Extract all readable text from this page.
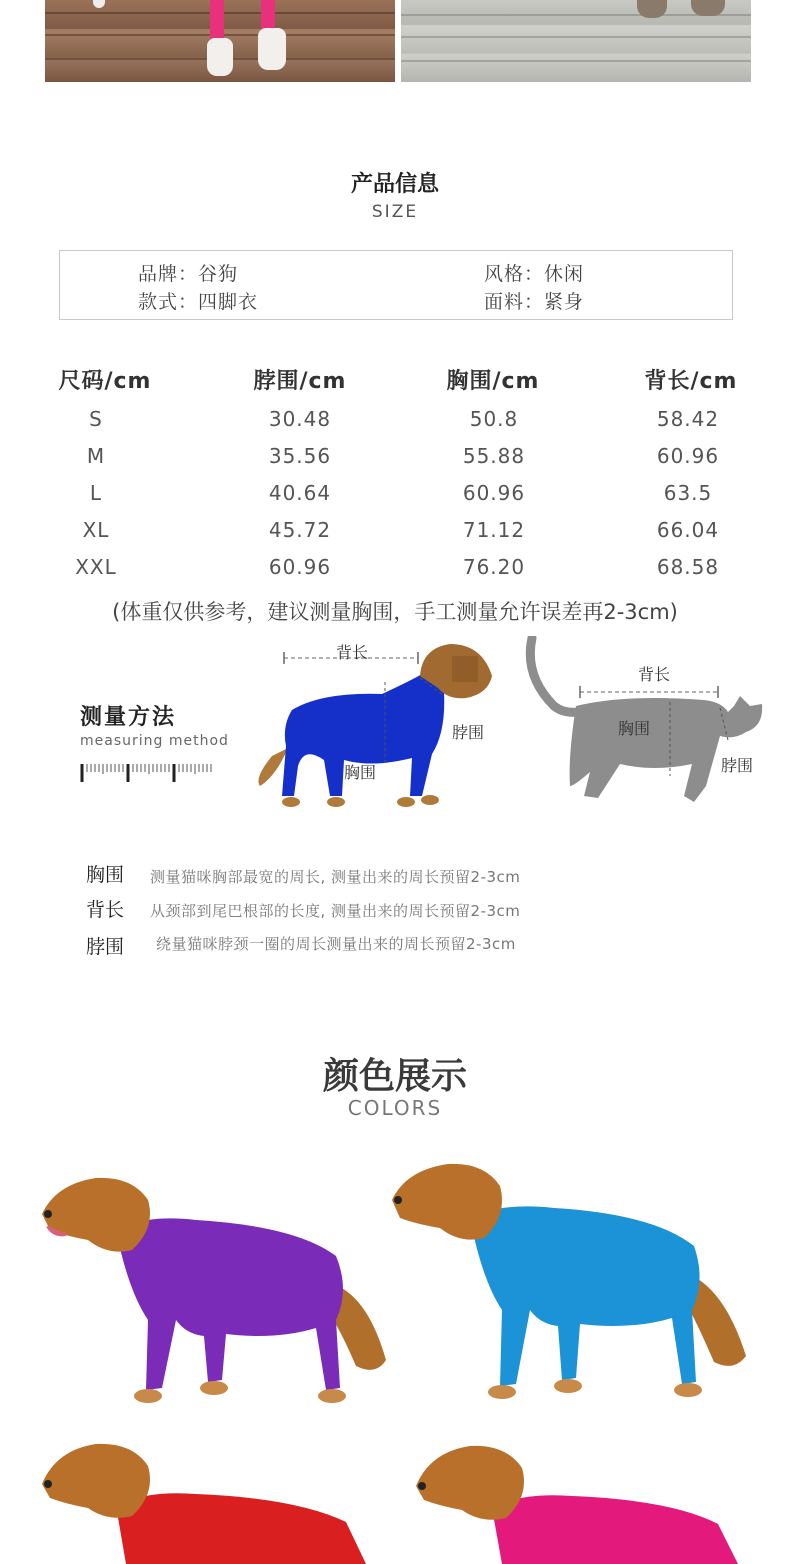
产品信息
SIZE
品牌：谷狗	风格：休闲
款式：四脚衣	面料：紧身
尺码/cm	脖围/cm	胸围/cm	背长/cm
S	30.48	50.8	58.42
M	35.56	55.88	60.96
L	40.64	60.96	63.5
XL	45.72	71.12	66.04
XXL	60.96	76.20	68.58
(体重仅供参考，建议测量胸围，手工测量允许误差再2-3cm)
测量方法
measuring method
背长
脖围
胸围
背长
胸围
脖围
胸围 测量猫咪胸部最宽的周长, 测量出来的周长预留2-3cm
背长 从颈部到尾巴根部的长度, 测量出来的周长预留2-3cm
脖围 绕量猫咪脖颈一圈的周长测量出来的周长预留2-3cm
颜色展示
COLORS
